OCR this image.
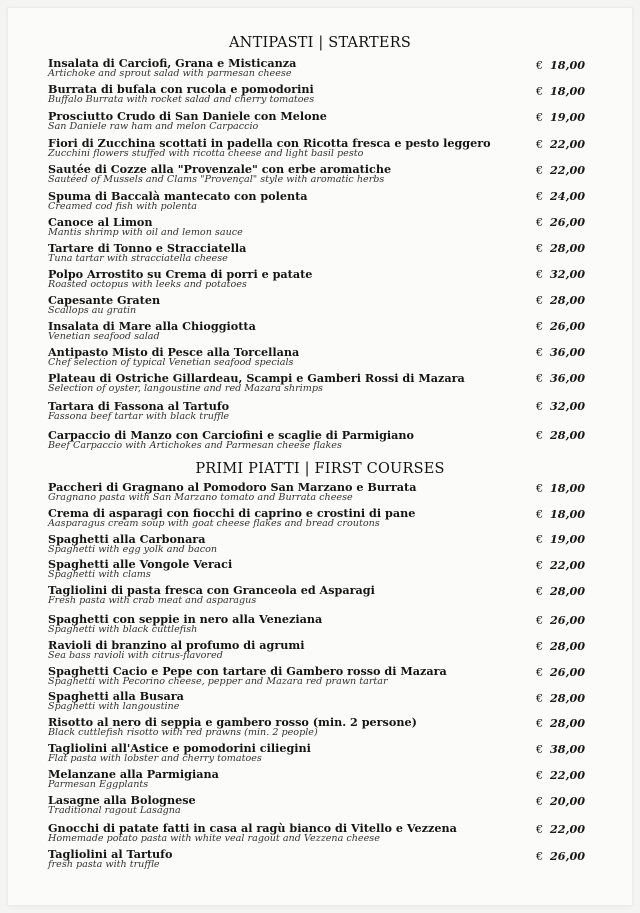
ANTIPASTI | STARTERS
Insalata di Carciofi, Grana e Misticanza
Artichoke and sprout salad with parmesan cheese
€ 18,00
Burrata di bufala con rucola e pomodorini
Buffalo Burrata with rocket salad and cherry tomatoes
€ 18,00
Prosciutto Crudo di San Daniele con Melone
San Daniele raw ham and melon Carpaccio
€ 19,00
Fiori di Zucchina scottati in padella con Ricotta fresca e pesto leggero
Zucchini flowers stuffed with ricotta cheese and light basil pesto
€ 22,00
Sautée di Cozze alla "Provenzale" con erbe aromatiche
Sautéed of Mussels and Clams "Provençal" style with aromatic herbs
€ 22,00
Spuma di Baccalà mantecato con polenta
Creamed cod fish with polenta
€ 24,00
Canoce al Limon
Mantis shrimp with oil and lemon sauce
€ 26,00
Tartare di Tonno e Stracciatella
Tuna tartar with stracciatella cheese
€ 28,00
Polpo Arrostito su Crema di porri e patate
Roasted octopus with leeks and potatoes
€ 32,00
Capesante Graten
Scallops au gratin
€ 28,00
Insalata di Mare alla Chioggiotta
Venetian seafood salad
€ 26,00
Antipasto Misto di Pesce alla Torcellana
Chef selection of typical Venetian seafood specials
€ 36,00
Plateau di Ostriche Gillardeau, Scampi e Gamberi Rossi di Mazara
Selection of oyster, langoustine and red Mazara shrimps
€ 36,00
Tartara di Fassona al Tartufo
Fassona beef tartar with black truffle
€ 32,00
Carpaccio di Manzo con Carciofini e scaglie di Parmigiano
Beef Carpaccio with Artichokes and Parmesan cheese flakes
€ 28,00
PRIMI PIATTI | FIRST COURSES
Paccheri di Gragnano al Pomodoro San Marzano e Burrata
Gragnano pasta with San Marzano tomato and Burrata cheese
€ 18,00
Crema di asparagi con fiocchi di caprino e crostini di pane
Aasparagus cream soup with goat cheese flakes and bread croutons
€ 18,00
Spaghetti alla Carbonara
Spaghetti with egg yolk and bacon
€ 19,00
Spaghetti alle Vongole Veraci
Spaghetti with clams
€ 22,00
Tagliolini di pasta fresca con Granceola ed Asparagi
Fresh pasta with crab meat and asparagus
€ 28,00
Spaghetti con seppie in nero alla Veneziana
Spaghetti with black cuttlefish
€ 26,00
Ravioli di branzino al profumo di agrumi
Sea bass ravioli with citrus-flavored
€ 28,00
Spaghetti Cacio e Pepe con tartare di Gambero rosso di Mazara
Spaghetti with Pecorino cheese, pepper and Mazara red prawn tartar
€ 26,00
Spaghetti alla Busara
Spaghetti with langoustine
€ 28,00
Risotto al nero di seppia e gambero rosso (min. 2 persone)
Black cuttlefish risotto with red prawns (min. 2 people)
€ 28,00
Tagliolini all'Astice e pomodorini ciliegini
Flat pasta with lobster and cherry tomatoes
€ 38,00
Melanzane alla Parmigiana
Parmesan Eggplants
€ 22,00
Lasagne alla Bolognese
Traditional ragout Lasagna
€ 20,00
Gnocchi di patate fatti in casa al ragù bianco di Vitello e Vezzena
Homemade potato pasta with white veal ragout and Vezzena cheese
€ 22,00
Tagliolini al Tartufo
fresh pasta with truffle
€ 26,00
